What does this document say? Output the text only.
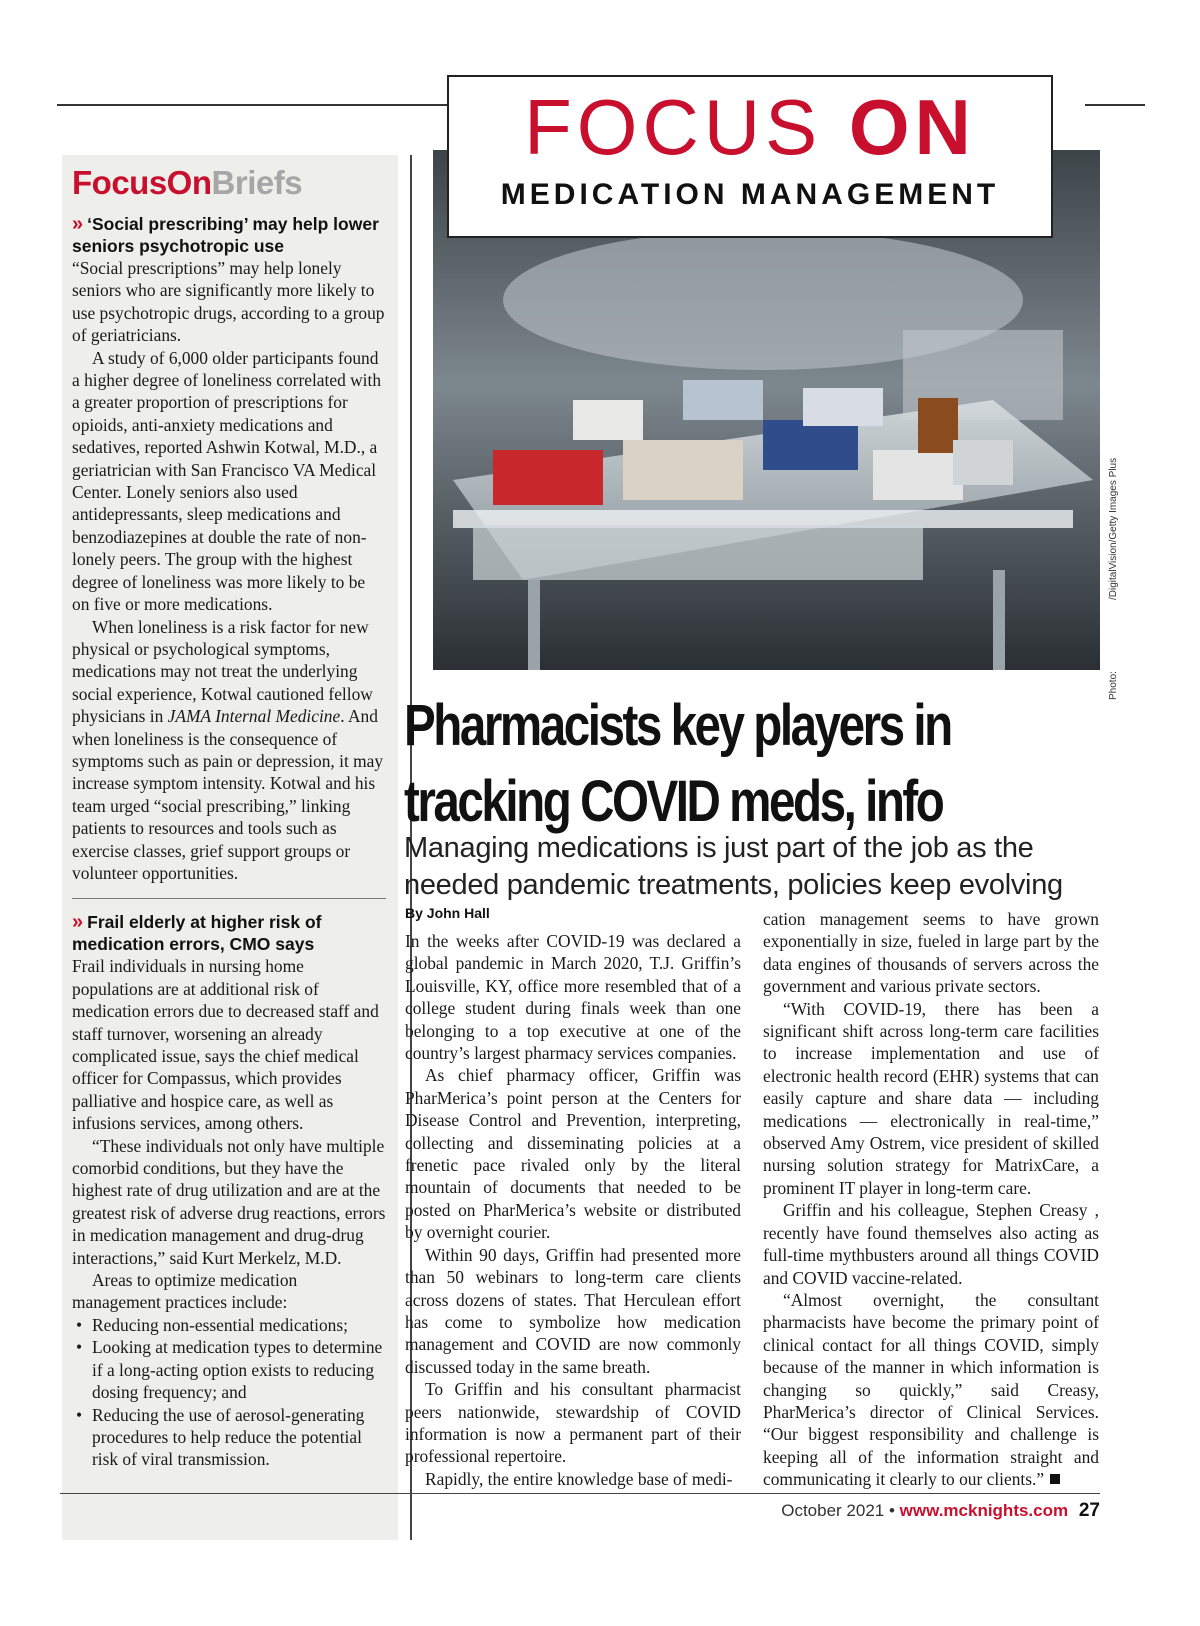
FocusOnBriefs
» ‘Social prescribing’ may help lower seniors psychotropic use

“Social prescriptions” may help lonely seniors who are significantly more likely to use psychotropic drugs, according to a group of geriatricians.

A study of 6,000 older participants found a higher degree of loneliness correlated with a greater proportion of prescriptions for opioids, anti-anxiety medications and sedatives, reported Ashwin Kotwal, M.D., a geriatrician with San Francisco VA Medical Center. Lonely seniors also used antidepressants, sleep medications and benzodiazepines at double the rate of non-lonely peers. The group with the highest degree of loneliness was more likely to be on five or more medications.

When loneliness is a risk factor for new physical or psychological symptoms, medications may not treat the underlying social experience, Kotwal cautioned fellow physicians in JAMA Internal Medicine. And when loneliness is the consequence of symptoms such as pain or depression, it may increase symptom intensity. Kotwal and his team urged “social prescribing,” linking patients to resources and tools such as exercise classes, grief support groups or volunteer opportunities.

» Frail elderly at higher risk of medication errors, CMO says

Frail individuals in nursing home populations are at additional risk of medication errors due to decreased staff and staff turnover, worsening an already complicated issue, says the chief medical officer for Compassus, which provides palliative and hospice care, as well as infusions services, among others.

“These individuals not only have multiple comorbid conditions, but they have the highest rate of drug utilization and are at the greatest risk of adverse drug reactions, errors in medication management and drug-drug interactions,” said Kurt Merkelz, M.D.

Areas to optimize medication management practices include:

• Reducing non-essential medications;
• Looking at medication types to determine if a long-acting option exists to reducing dosing frequency; and
• Reducing the use of aerosol-generating procedures to help reduce the potential risk of viral transmission.
Photo:
/DigitalVision/Getty Images Plus
FOCUS ON
MEDICATION MANAGEMENT
Pharmacists key players in
tracking COVID meds, info
Managing medications is just part of the job as the needed pandemic treatments, policies keep evolving
By John Hall

In the weeks after COVID-19 was declared a global pandemic in March 2020, T.J. Griffin’s Louisville, KY, office more resembled that of a college student during finals week than one belonging to a top executive at one of the country’s largest pharmacy services companies.

As chief pharmacy officer, Griffin was PharMerica’s point person at the Centers for Disease Control and Prevention, interpreting, collecting and disseminating policies at a frenetic pace rivaled only by the literal mountain of documents that needed to be posted on PharMerica’s website or distributed by overnight courier.

Within 90 days, Griffin had presented more than 50 webinars to long-term care clients across dozens of states. That Herculean effort has come to symbolize how medication management and COVID are now commonly discussed today in the same breath.

To Griffin and his consultant pharmacist peers nationwide, stewardship of COVID information is now a permanent part of their professional repertoire.

Rapidly, the entire knowledge base of medi-

cation management seems to have grown exponentially in size, fueled in large part by the data engines of thousands of servers across the government and various private sectors.

“With COVID-19, there has been a significant shift across long-term care facilities to increase implementation and use of electronic health record (EHR) systems that can easily capture and share data — including medications — electronically in real-time,” observed Amy Ostrem, vice president of skilled nursing solution strategy for MatrixCare, a prominent IT player in long-term care.

Griffin and his colleague, Stephen Creasy , recently have found themselves also acting as full-time mythbusters around all things COVID and COVID vaccine-related.

“Almost overnight, the consultant pharmacists have become the primary point of clinical contact for all things COVID, simply because of the manner in which information is changing so quickly,” said Creasy, PharMerica’s director of Clinical Services. “Our biggest responsibility and challenge is keeping all of the information straight and communicating it clearly to our clients.”

October 2021 • www.mcknights.com 27
